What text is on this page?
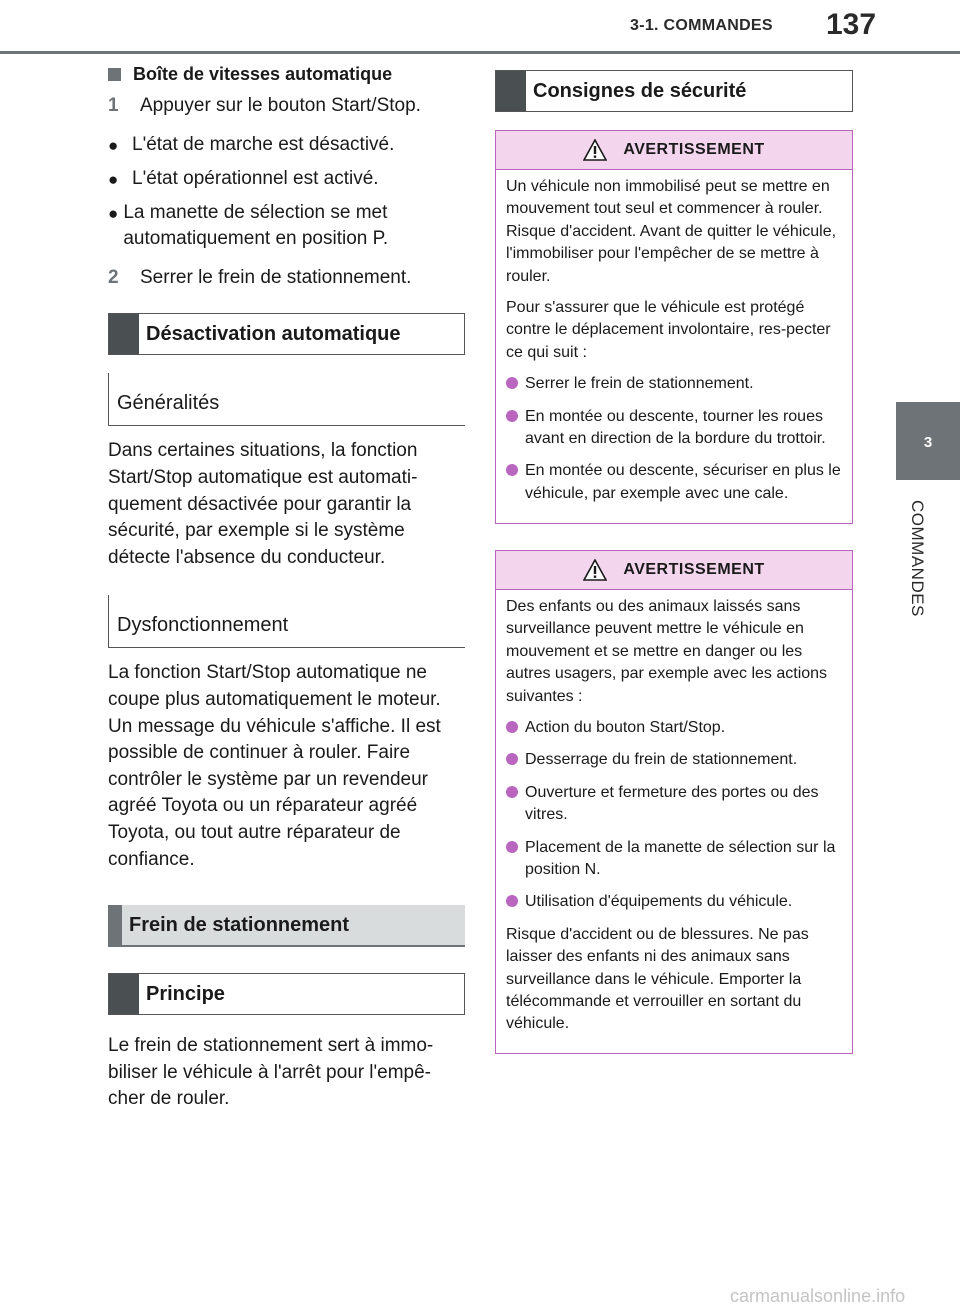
3-1. COMMANDES 137
3
COMMANDES
Boîte de vitesses automatique
1	Appuyer sur le bouton Start/Stop.
● L'état de marche est désactivé.
● L'état opérationnel est activé.
● La manette de sélection se met automatiquement en position P.
2	Serrer le frein de stationnement.
Désactivation automatique
Généralités
Dans certaines situations, la fonction Start/Stop automatique est automati-quement désactivée pour garantir la sécurité, par exemple si le système détecte l'absence du conducteur.
Dysfonctionnement
La fonction Start/Stop automatique ne coupe plus automatiquement le moteur. Un message du véhicule s'affiche. Il est possible de continuer à rouler. Faire contrôler le système par un revendeur agréé Toyota ou un réparateur agréé Toyota, ou tout autre réparateur de confiance.
Frein de stationnement
Principe
Le frein de stationnement sert à immo-biliser le véhicule à l'arrêt pour l'empê-cher de rouler.
Consignes de sécurité
AVERTISSEMENT
Un véhicule non immobilisé peut se mettre en mouvement tout seul et commencer à rouler. Risque d'accident. Avant de quitter le véhicule, l'immobiliser pour l'empêcher de se mettre à rouler.
Pour s'assurer que le véhicule est protégé contre le déplacement involontaire, res-pecter ce qui suit :
Serrer le frein de stationnement.
En montée ou descente, tourner les roues avant en direction de la bordure du trottoir.
En montée ou descente, sécuriser en plus le véhicule, par exemple avec une cale.
AVERTISSEMENT
Des enfants ou des animaux laissés sans surveillance peuvent mettre le véhicule en mouvement et se mettre en danger ou les autres usagers, par exemple avec les actions suivantes :
Action du bouton Start/Stop.
Desserrage du frein de stationnement.
Ouverture et fermeture des portes ou des vitres.
Placement de la manette de sélection sur la position N.
Utilisation d'équipements du véhicule.
Risque d'accident ou de blessures. Ne pas laisser des enfants ni des animaux sans surveillance dans le véhicule. Emporter la télécommande et verrouiller en sortant du véhicule.
carmanualsonline.info
